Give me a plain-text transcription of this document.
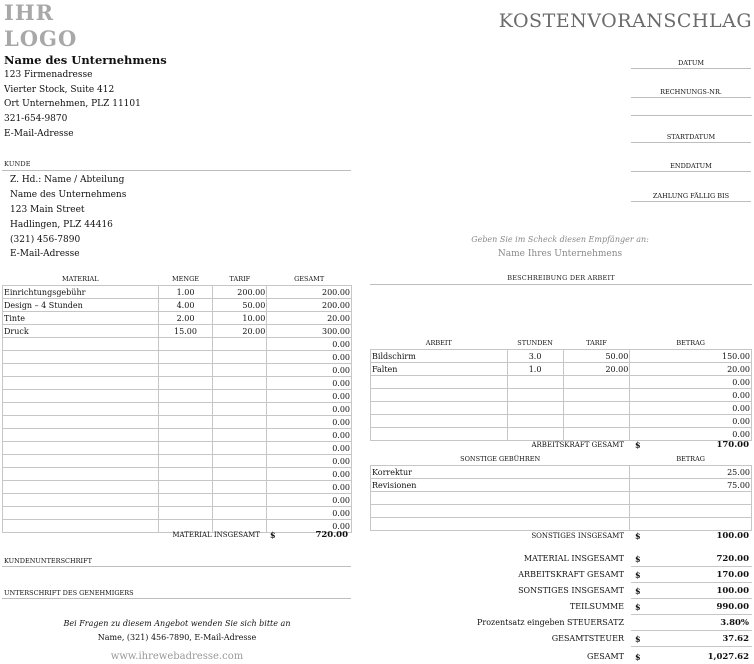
IHR
LOGO
KOSTENVORANSCHLAG
Name des Unternehmens
123 Firmenadresse
Vierter Stock, Suite 412
Ort Unternehmen, PLZ 11101
321-654-9870
E-Mail-Adresse
DATUM
RECHNUNGS-NR.
STARTDATUM
ENDDATUM
ZAHLUNG FÄLLIG BIS
KUNDE
Z. Hd.: Name / Abteilung
Name des Unternehmens
123 Main Street
Hadlingen, PLZ 44416
(321) 456-7890
E-Mail-Adresse
Geben Sie im Scheck diesen Empfänger an:
Name Ihres Unternehmens
MATERIAL	MENGE	TARIF	GESAMT
Einrichtungsgebühr	1.00	200.00	200.00
Design – 4 Stunden	4.00	50.00	200.00
Tinte	2.00	10.00	20.00
Druck	15.00	20.00	300.00
			0.00
			0.00
			0.00
			0.00
			0.00
			0.00
			0.00
			0.00
			0.00
			0.00
			0.00
			0.00
			0.00
			0.00
			0.00
MATERIAL INSGESAMT $	720.00
BESCHREIBUNG DER ARBEIT
ARBEIT	STUNDEN	TARIF	BETRAG
Bildschirm	3.0	50.00	150.00
Falten	1.0	20.00	20.00
			0.00
			0.00
			0.00
			0.00
			0.00
ARBEITSKRAFT GESAMT $	170.00
SONSTIGE GEBÜHREN	BETRAG
Korrektur	25.00
Revisionen	75.00

SONSTIGES INSGESAMT $	100.00
MATERIAL INSGESAMT $	720.00
ARBEITSKRAFT GESAMT $	170.00
SONSTIGES INSGESAMT $	100.00
TEILSUMME $	990.00
Prozentsatz eingeben STEUERSATZ	3.80%
GESAMTSTEUER $	37.62
GESAMT $	1,027.62
KUNDENUNTERSCHRIFT
UNTERSCHRIFT DES GENEHMIGERS
Bei Fragen zu diesem Angebot wenden Sie sich bitte an
Name, (321) 456-7890, E-Mail-Adresse
www.ihrewebadresse.com
